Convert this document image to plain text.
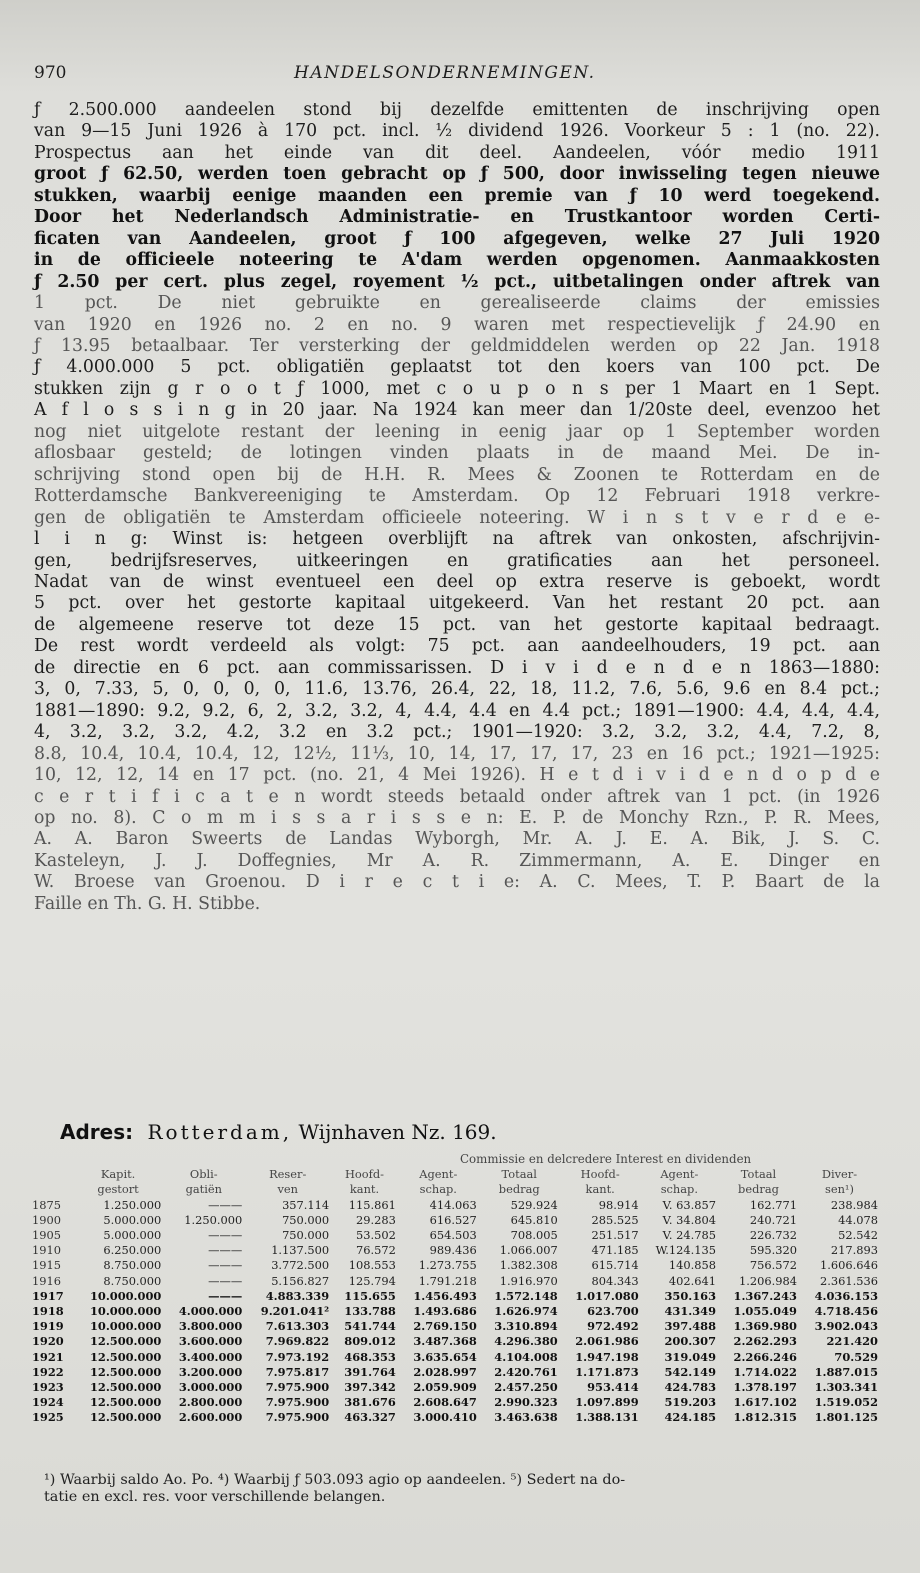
970	HANDELSONDERNEMINGEN.
ƒ 2.500.000 aandeelen stond bij dezelfde emittenten de inschrijving open
van 9—15 Juni 1926 à 170 pct. incl. ½ dividend 1926. Voorkeur 5 : 1 (no. 22).
Prospectus aan het einde van dit deel. Aandeelen, vóór medio 1911
groot ƒ 62.50, werden toen gebracht op ƒ 500, door inwisseling tegen nieuwe
stukken, waarbij eenige maanden een premie van ƒ 10 werd toegekend.
Door het Nederlandsch Administratie- en Trustkantoor worden Certi-
ficaten van Aandeelen, groot ƒ 100 afgegeven, welke 27 Juli 1920
in de officieele noteering te A'dam werden opgenomen. Aanmaakkosten
ƒ 2.50 per cert. plus zegel, royement ½ pct., uitbetalingen onder aftrek van
1 pct. De niet gebruikte en gerealiseerde claims der emissies
van 1920 en 1926 no. 2 en no. 9 waren met respectievelijk ƒ 24.90 en
ƒ 13.95 betaalbaar. Ter versterking der geldmiddelen werden op 22 Jan. 1918
ƒ 4.000.000 5 pct. obligatiën geplaatst tot den koers van 100 pct. De
stukken zijn g r o o t ƒ 1000, met c o u p o n s per 1 Maart en 1 Sept.
A f l o s s i n g in 20 jaar. Na 1924 kan meer dan 1/20ste deel, evenzoo het
nog niet uitgelote restant der leening in eenig jaar op 1 September worden
aflosbaar gesteld; de lotingen vinden plaats in de maand Mei. De in-
schrijving stond open bij de H.H. R. Mees & Zoonen te Rotterdam en de
Rotterdamsche Bankvereeniging te Amsterdam. Op 12 Februari 1918 verkre-
gen de obligatiën te Amsterdam officieele noteering. W i n s t v e r d e e-
l i n g: Winst is: hetgeen overblijft na aftrek van onkosten, afschrijvin-
gen, bedrijfsreserves, uitkeeringen en gratificaties aan het personeel.
Nadat van de winst eventueel een deel op extra reserve is geboekt, wordt
5 pct. over het gestorte kapitaal uitgekeerd. Van het restant 20 pct. aan
de algemeene reserve tot deze 15 pct. van het gestorte kapitaal bedraagt.
De rest wordt verdeeld als volgt: 75 pct. aan aandeelhouders, 19 pct. aan
de directie en 6 pct. aan commissarissen. D i v i d e n d e n 1863—1880:
3, 0, 7.33, 5, 0, 0, 0, 0, 11.6, 13.76, 26.4, 22, 18, 11.2, 7.6, 5.6, 9.6 en 8.4 pct.;
1881—1890: 9.2, 9.2, 6, 2, 3.2, 3.2, 4, 4.4, 4.4 en 4.4 pct.; 1891—1900: 4.4, 4.4, 4.4,
4, 3.2, 3.2, 3.2, 4.2, 3.2 en 3.2 pct.; 1901—1920: 3.2, 3.2, 3.2, 4.4, 7.2, 8,
8.8, 10.4, 10.4, 10.4, 12, 12½, 11⅓, 10, 14, 17, 17, 17, 23 en 16 pct.; 1921—1925:
10, 12, 12, 14 en 17 pct. (no. 21, 4 Mei 1926). H e t d i v i d e n d o p d e
c e r t i f i c a t e n wordt steeds betaald onder aftrek van 1 pct. (in 1926
op no. 8). C o m m i s s a r i s s e n: E. P. de Monchy Rzn., P. R. Mees,
A. A. Baron Sweerts de Landas Wyborgh, Mr. A. J. E. A. Bik, J. S. C.
Kasteleyn, J. J. Doffegnies, Mr A. R. Zimmermann, A. E. Dinger en
W. Broese van Groenou. D i r e c t i e: A. C. Mees, T. P. Baart de la
Faille en Th. G. H. Stibbe.
Adres: Rotterdam, Wijnhaven Nz. 169.
				Commissie en delcredere Interest en dividenden						
	Kapit.	Obli-	Reser-	Hoofd-	Agent-	Totaal	Hoofd-	Agent-	Totaal	Diver-
	gestort	gatiën	ven	kant.	schap.	bedrag	kant.	schap.	bedrag	sen¹)
1875	1.250.000	———	357.114	115.861	414.063	529.924	98.914	V. 63.857	162.771	238.984
1900	5.000.000	1.250.000	750.000	29.283	616.527	645.810	285.525	V. 34.804	240.721	44.078
1905	5.000.000	———	750.000	53.502	654.503	708.005	251.517	V. 24.785	226.732	52.542
1910	6.250.000	———	1.137.500	76.572	989.436	1.066.007	471.185	W.124.135	595.320	217.893
1915	8.750.000	———	3.772.500	108.553	1.273.755	1.382.308	615.714	140.858	756.572	1.606.646
1916	8.750.000	———	5.156.827	125.794	1.791.218	1.916.970	804.343	402.641	1.206.984	2.361.536
1917	10.000.000	———	4.883.339	115.655	1.456.493	1.572.148	1.017.080	350.163	1.367.243	4.036.153
1918	10.000.000	4.000.000	9.201.041²	133.788	1.493.686	1.626.974	623.700	431.349	1.055.049	4.718.456
1919	10.000.000	3.800.000	7.613.303	541.744	2.769.150	3.310.894	972.492	397.488	1.369.980	3.902.043
1920	12.500.000	3.600.000	7.969.822	809.012	3.487.368	4.296.380	2.061.986	200.307	2.262.293	221.420
1921	12.500.000	3.400.000	7.973.192	468.353	3.635.654	4.104.008	1.947.198	319.049	2.266.246	70.529
1922	12.500.000	3.200.000	7.975.817	391.764	2.028.997	2.420.761	1.171.873	542.149	1.714.022	1.887.015
1923	12.500.000	3.000.000	7.975.900	397.342	2.059.909	2.457.250	953.414	424.783	1.378.197	1.303.341
1924	12.500.000	2.800.000	7.975.900	381.676	2.608.647	2.990.323	1.097.899	519.203	1.617.102	1.519.052
1925	12.500.000	2.600.000	7.975.900	463.327	3.000.410	3.463.638	1.388.131	424.185	1.812.315	1.801.125
¹) Waarbij saldo Ao. Po. ⁴) Waarbij ƒ 503.093 agio op aandeelen. ⁵) Sedert na do-
tatie en excl. res. voor verschillende belangen.
